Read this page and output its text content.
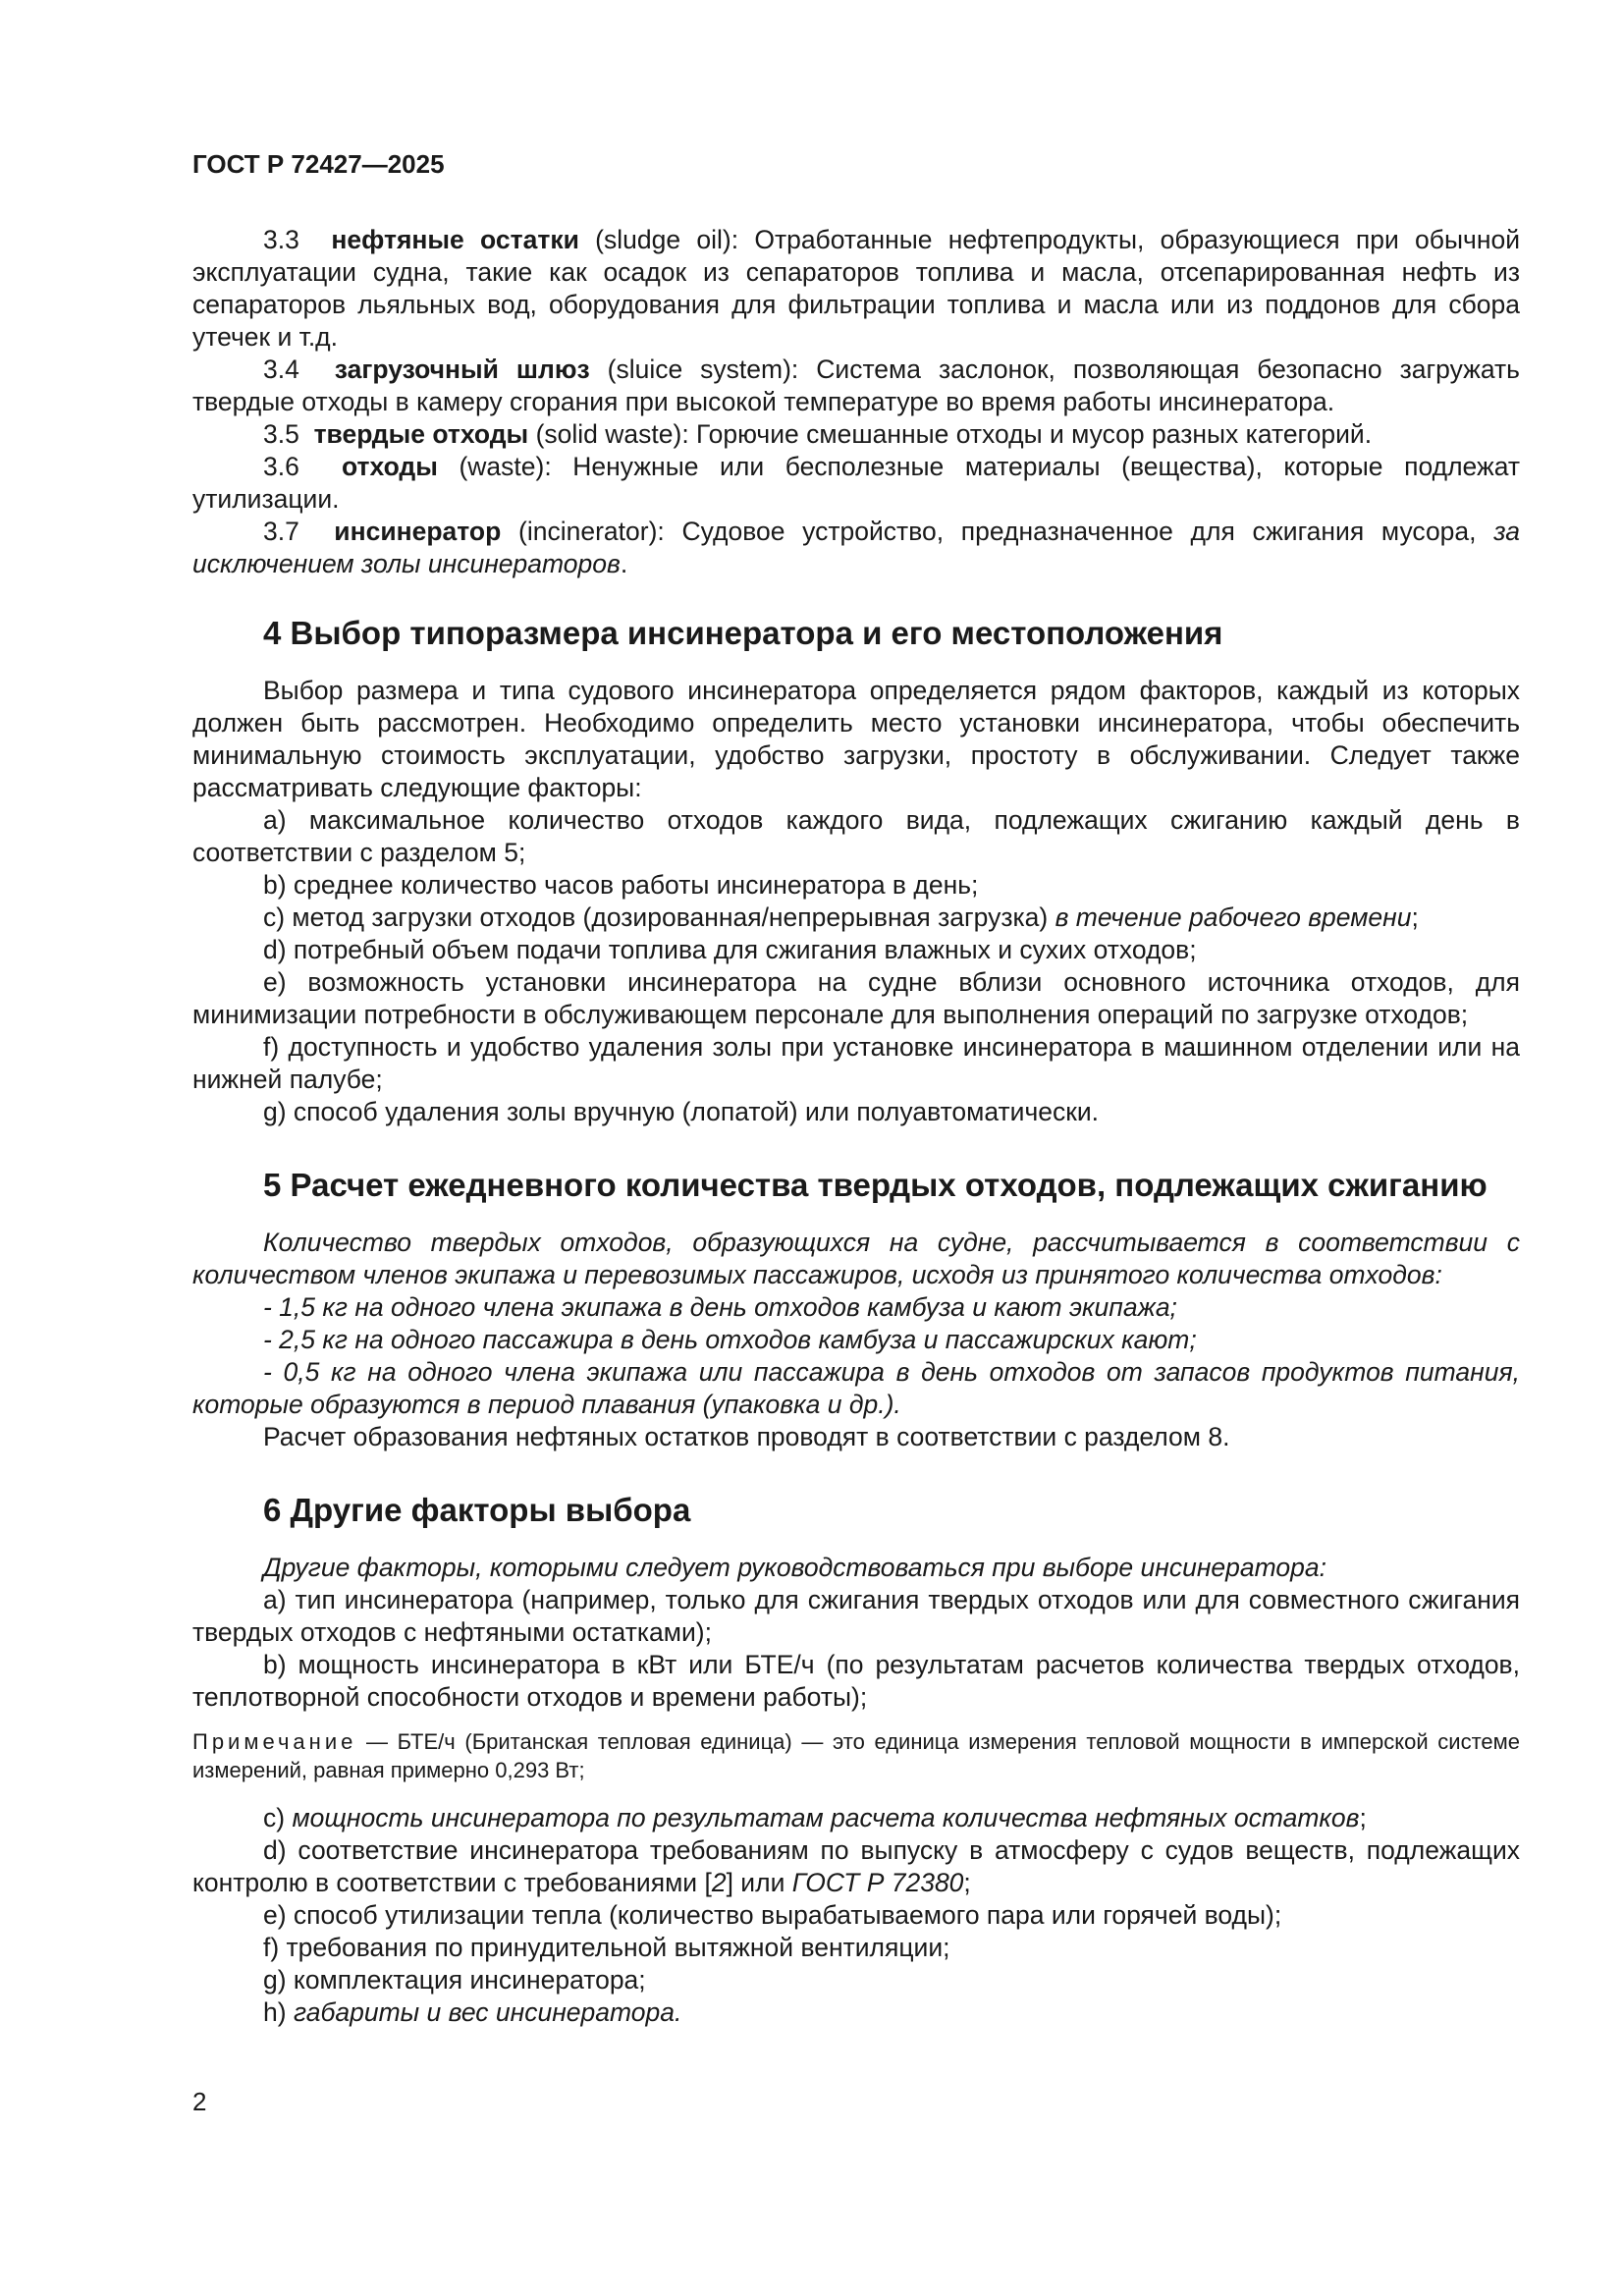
ГОСТ Р 72427—2025

3.3 нефтяные остатки (sludge oil): Отработанные нефтепродукты, образующиеся при обычной эксплуатации судна, такие как осадок из сепараторов топлива и масла, отсепарированная нефть из сепараторов льяльных вод, оборудования для фильтрации топлива и масла или из поддонов для сбора утечек и т.д.

3.4 загрузочный шлюз (sluice system): Система заслонок, позволяющая безопасно загружать твердые отходы в камеру сгорания при высокой температуре во время работы инсинератора.

3.5 твердые отходы (solid waste): Горючие смешанные отходы и мусор разных категорий.

3.6 отходы (waste): Ненужные или бесполезные материалы (вещества), которые подлежат утилизации.

3.7 инсинератор (incinerator): Судовое устройство, предназначенное для сжигания мусора, за исключением золы инсинераторов.

4 Выбор типоразмера инсинератора и его местоположения

Выбор размера и типа судового инсинератора определяется рядом факторов, каждый из которых должен быть рассмотрен. Необходимо определить место установки инсинератора, чтобы обеспечить минимальную стоимость эксплуатации, удобство загрузки, простоту в обслуживании. Следует также рассматривать следующие факторы:

a) максимальное количество отходов каждого вида, подлежащих сжиганию каждый день в соответствии с разделом 5;

b) среднее количество часов работы инсинератора в день;

c) метод загрузки отходов (дозированная/непрерывная загрузка) в течение рабочего времени;

d) потребный объем подачи топлива для сжигания влажных и сухих отходов;

e) возможность установки инсинератора на судне вблизи основного источника отходов, для минимизации потребности в обслуживающем персонале для выполнения операций по загрузке отходов;

f) доступность и удобство удаления золы при установке инсинератора в машинном отделении или на нижней палубе;

g) способ удаления золы вручную (лопатой) или полуавтоматически.

5 Расчет ежедневного количества твердых отходов, подлежащих сжиганию

Количество твердых отходов, образующихся на судне, рассчитывается в соответствии с количеством членов экипажа и перевозимых пассажиров, исходя из принятого количества отходов:

- 1,5 кг на одного члена экипажа в день отходов камбуза и кают экипажа;

- 2,5 кг на одного пассажира в день отходов камбуза и пассажирских кают;

- 0,5 кг на одного члена экипажа или пассажира в день отходов от запасов продуктов питания, которые образуются в период плавания (упаковка и др.).

Расчет образования нефтяных остатков проводят в соответствии с разделом 8.

6 Другие факторы выбора

Другие факторы, которыми следует руководствоваться при выборе инсинератора:

a) тип инсинератора (например, только для сжигания твердых отходов или для совместного сжигания твердых отходов с нефтяными остатками);

b) мощность инсинератора в кВт или БТЕ/ч (по результатам расчетов количества твердых отходов, теплотворной способности отходов и времени работы);

Примечание — БТЕ/ч (Британская тепловая единица) — это единица измерения тепловой мощности в имперской системе измерений, равная примерно 0,293 Вт;

c) мощность инсинератора по результатам расчета количества нефтяных остатков;

d) соответствие инсинератора требованиям по выпуску в атмосферу с судов веществ, подлежащих контролю в соответствии с требованиями [2] или ГОСТ Р 72380;

e) способ утилизации тепла (количество вырабатываемого пара или горячей воды);

f) требования по принудительной вытяжной вентиляции;

g) комплектация инсинератора;

h) габариты и вес инсинератора.

2
